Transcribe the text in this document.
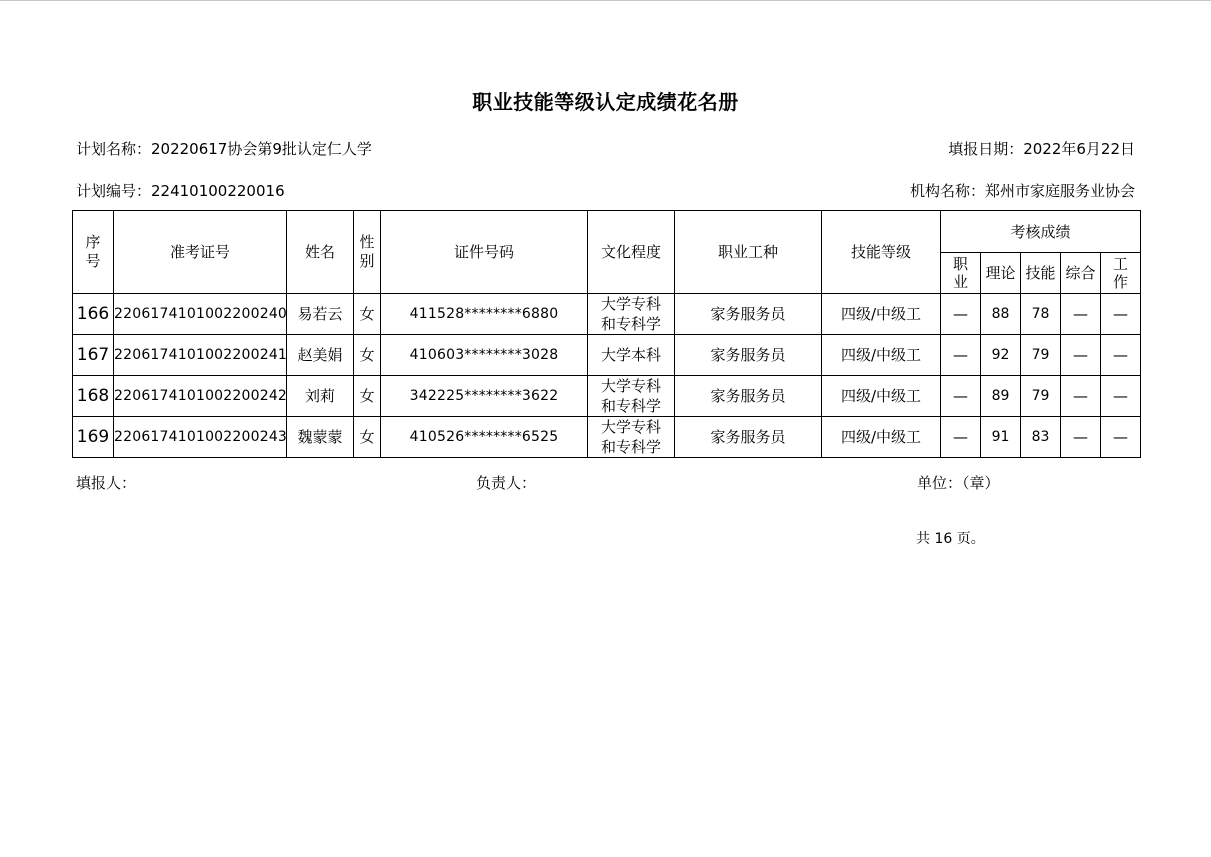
职业技能等级认定成绩花名册
计划名称：20220617协会第9批认定仁人学	填报日期：2022年6月22日
计划编号：22410100220016	机构名称：郑州市家庭服务业协会
序号	准考证号	姓名	性别	证件号码	文化程度	职业工种	技能等级	考核成绩				
								职业	理论	技能	综合	工作
166	2206174101002200240	易若云	女	411528********6880	大学专科和专科学	家务服务员	四级/中级工	—	88	78	—	—
167	2206174101002200241	赵美娟	女	410603********3028	大学本科	家务服务员	四级/中级工	—	92	79	—	—
168	2206174101002200242	刘莉	女	342225********3622	大学专科和专科学	家务服务员	四级/中级工	—	89	79	—	—
169	2206174101002200243	魏蒙蒙	女	410526********6525	大学专科和专科学	家务服务员	四级/中级工	—	91	83	—	—
填报人：	负责人：	单位：（章）
共 16 页。
